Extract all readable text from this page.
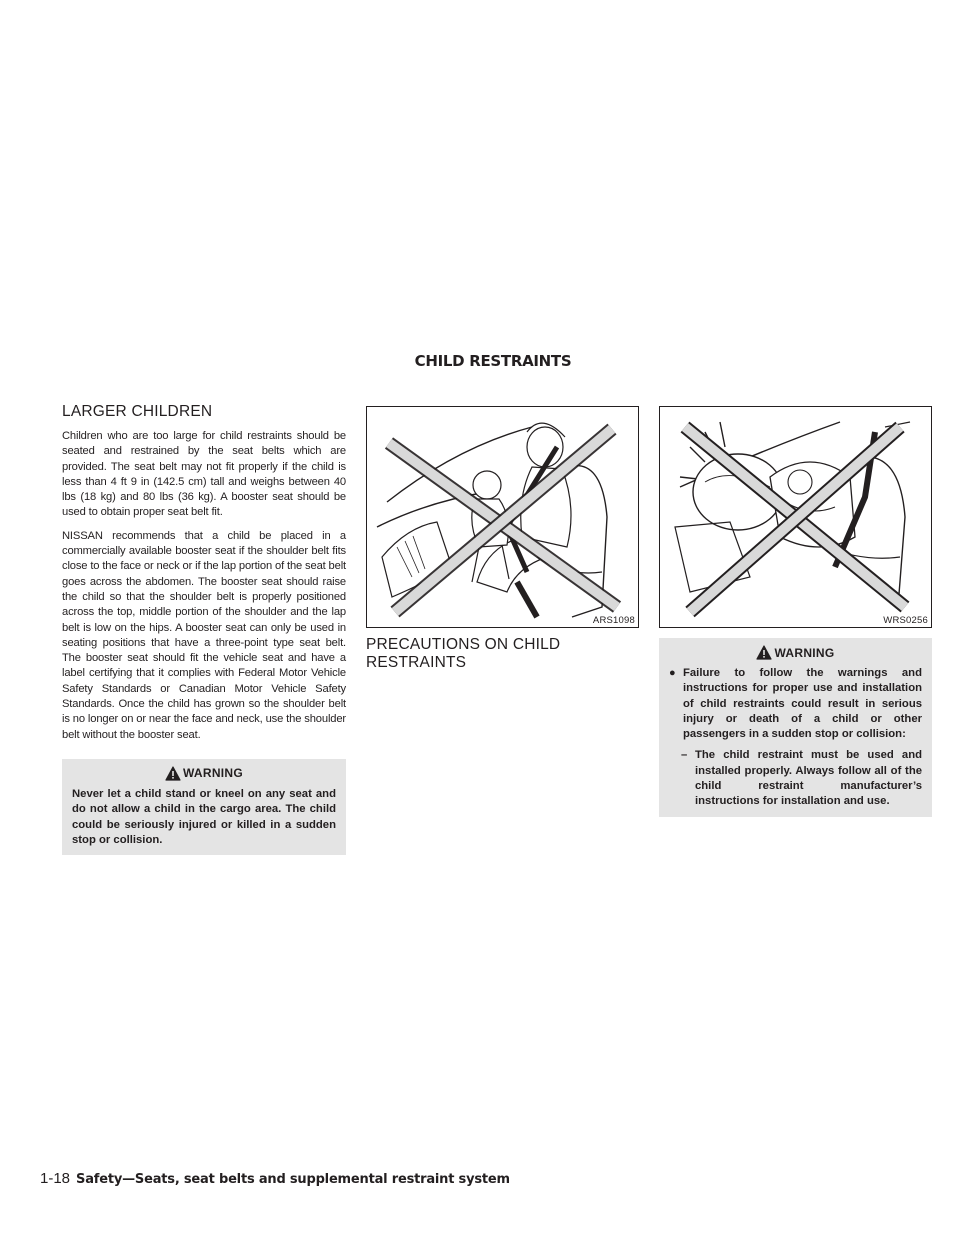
CHILD RESTRAINTS
LARGER CHILDREN

Children who are too large for child restraints should be seated and restrained by the seat belts which are provided. The seat belt may not fit properly if the child is less than 4 ft 9 in (142.5 cm) tall and weighs between 40 lbs (18 kg) and 80 lbs (36 kg). A booster seat should be used to obtain proper seat belt fit.

NISSAN recommends that a child be placed in a commercially available booster seat if the shoulder belt fits close to the face or neck or if the lap portion of the seat belt goes across the abdomen. The booster seat should raise the child so that the shoulder belt is properly positioned across the top, middle portion of the shoulder and the lap belt is low on the hips. A booster seat can only be used in seating positions that have a three-point type seat belt. The booster seat should fit the vehicle seat and have a label certifying that it complies with Federal Motor Vehicle Safety Standards or Canadian Motor Vehicle Safety Standards. Once the child has grown so the shoulder belt is no longer on or near the face and neck, use the shoulder belt without the booster seat.

WARNING

Never let a child stand or kneel on any seat and do not allow a child in the cargo area. The child could be seriously injured or killed in a sudden stop or collision.

ARS1098
PRECAUTIONS ON CHILD RESTRAINTS
WRS0256
WARNING
● Failure to follow the warnings and instructions for proper use and installation of child restraints could result in serious injury or death of a child or other passengers in a sudden stop or collision:
– The child restraint must be used and installed properly. Always follow all of the child restraint manufacturer’s instructions for installation and use.
1-18 Safety—Seats, seat belts and supplemental restraint system
